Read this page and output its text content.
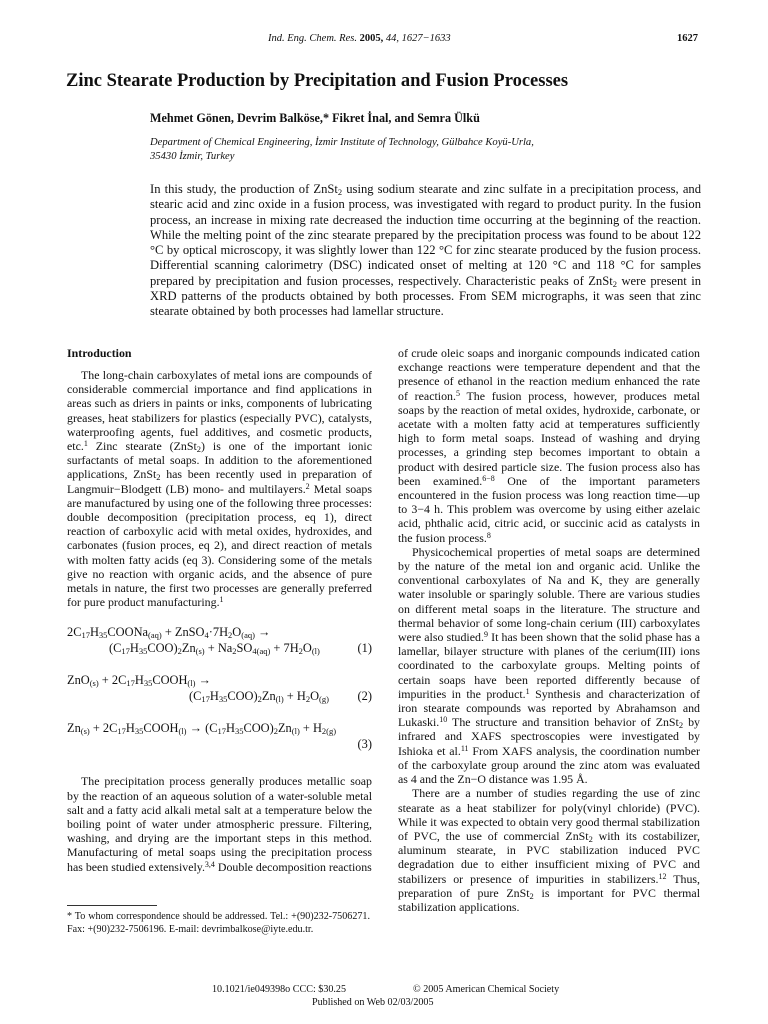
Ind. Eng. Chem. Res. 2005, 44, 1627−1633	1627
Zinc Stearate Production by Precipitation and Fusion Processes
Mehmet Gönen, Devrim Balköse,* Fikret İnal, and Semra Ülkü
Department of Chemical Engineering, İzmir Institute of Technology, Gülbahce Koyü-Urla,
35430 İzmir, Turkey
In this study, the production of ZnSt$_2$ using sodium stearate and zinc sulfate in a precipitation process, and stearic acid and zinc oxide in a fusion process, was investigated with regard to product purity. In the fusion process, an increase in mixing rate decreased the induction time occurring at the beginning of the reaction. While the melting point of the zinc stearate prepared by the precipitation process was found to be about 122 °C by optical microscopy, it was slightly lower than 122 °C for zinc stearate produced by the fusion process. Differential scanning calorimetry (DSC) indicated onset of melting at 120 °C and 118 °C for samples prepared by precipitation and fusion processes, respectively. Characteristic peaks of ZnSt$_2$ were present in XRD patterns of the products obtained by both processes. From SEM micrographs, it was seen that zinc stearate obtained by both processes had lamellar structure.
Introduction

The long-chain carboxylates of metal ions are compounds of considerable commercial importance and find applications in areas such as driers in paints or inks, components of lubricating greases, heat stabilizers for plastics (especially PVC), catalysts, waterproofing agents, fuel additives, and cosmetic products, etc.$^1$ Zinc stearate (ZnSt$_2$) is one of the important ionic surfactants of metal soaps. In addition to the aforementioned applications, ZnSt$_2$ has been recently used in preparation of Langmuir−Blodgett (LB) mono- and multilayers.$^2$ Metal soaps are manufactured by using one of the following three processes: double decomposition (precipitation process, eq 1), direct reaction of carboxylic acid with metal oxides, hydroxides, and carbonates (fusion proces, eq 2), and direct reaction of metals with molten fatty acids (eq 3). Considering some of the metals give no reaction with organic acids, and the absence of pure metals in nature, the first two processes are generally preferred for pure product manufacturing.$^1$

$2C_{17}H_{35}COONa_{(aq)}$ + $ZnSO_4\cdot 7H_2O_{(aq)}$ →
$(C_{17}H_{35}COO)_2Zn_{(s)} + Na_2SO_{4(aq)} + 7H_2O_{(l)}$	(1)
$ZnO_{(s)} + 2C_{17}H_{35}COOH_{(l)}$ →
$(C_{17}H_{35}COO)_2Zn_{(l)} + H_2O_{(g)}$ (2)
$Zn_{(s)}$ + $2C_{17}H_{35}COOH_{(l)} \to (C_{17}H_{35}COO)_2Zn_{(l)} + H_{2(g)}$
(3)

The precipitation process generally produces metallic soap by the reaction of an aqueous solution of a water-soluble metal salt and a fatty acid alkali metal salt at a temperature below the boiling point of water under atmospheric pressure. Filtering, washing, and drying are the important steps in this method. Manufacturing of metal soaps using the precipitation process has been studied extensively.$^{3,4}$ Double decomposition reactions

of crude oleic soaps and inorganic compounds indicated cation exchange reactions were temperature dependent and that the presence of ethanol in the reaction medium enhanced the rate of reaction.$^5$ The fusion process, however, produces metal soaps by the reaction of metal oxides, hydroxide, carbonate, or acetate with a molten fatty acid at temperatures sufficiently high to form metal soaps. Instead of washing and drying processes, a grinding step becomes important to obtain a product with desired particle size. The fusion process also has been examined.$^{6-8}$ One of the important parameters encountered in the fusion process was long reaction time—up to 3−4 h. This problem was overcome by using either azelaic acid, phthalic acid, citric acid, or succinic acid as catalysts in the fusion process.$^8$

Physicochemical properties of metal soaps are determined by the nature of the metal ion and organic acid. Unlike the conventional carboxylates of Na and K, they are generally water insoluble or sparingly soluble. There are various studies on different metal soaps in the literature. The structure and thermal behavior of some long-chain cerium (III) carboxylates were also studied.$^9$ It has been shown that the solid phase has a lamellar, bilayer structure with planes of the cerium(III) ions coordinated to the carboxylate groups. Melting points of certain soaps have been reported differently because of impurities in the product.$^1$ Synthesis and characterization of iron stearate compounds was reported by Abrahamson and Lukaski.$^{10}$ The structure and transition behavior of ZnSt$_2$ by infrared and XAFS spectroscopies were investigated by Ishioka et al.$^{11}$ From XAFS analysis, the coordination number of the carboxylate group around the zinc atom was evaluated as 4 and the Zn−O distance was 1.95 Å.

There are a number of studies regarding the use of zinc stearate as a heat stabilizer for poly(vinyl chloride) (PVC). While it was expected to obtain very good thermal stabilization of PVC, the use of commercial ZnSt$_2$ with its costabilizer, aluminum stearate, in PVC stabilization induced PVC degradation due to either insufficient mixing of PVC and stabilizers or presence of impurities in stabilizers.$^{12}$ Thus, preparation of pure ZnSt$_2$ is important for PVC thermal stabilization applications.

* To whom correspondence should be addressed. Tel.: +(90)232-7506271. Fax: +(90)232-7506196. E-mail: devrimbalkose@iyte.edu.tr.
10.1021/ie049398o CCC: $30.25	© 2005 American Chemical Society
Published on Web 02/03/2005
